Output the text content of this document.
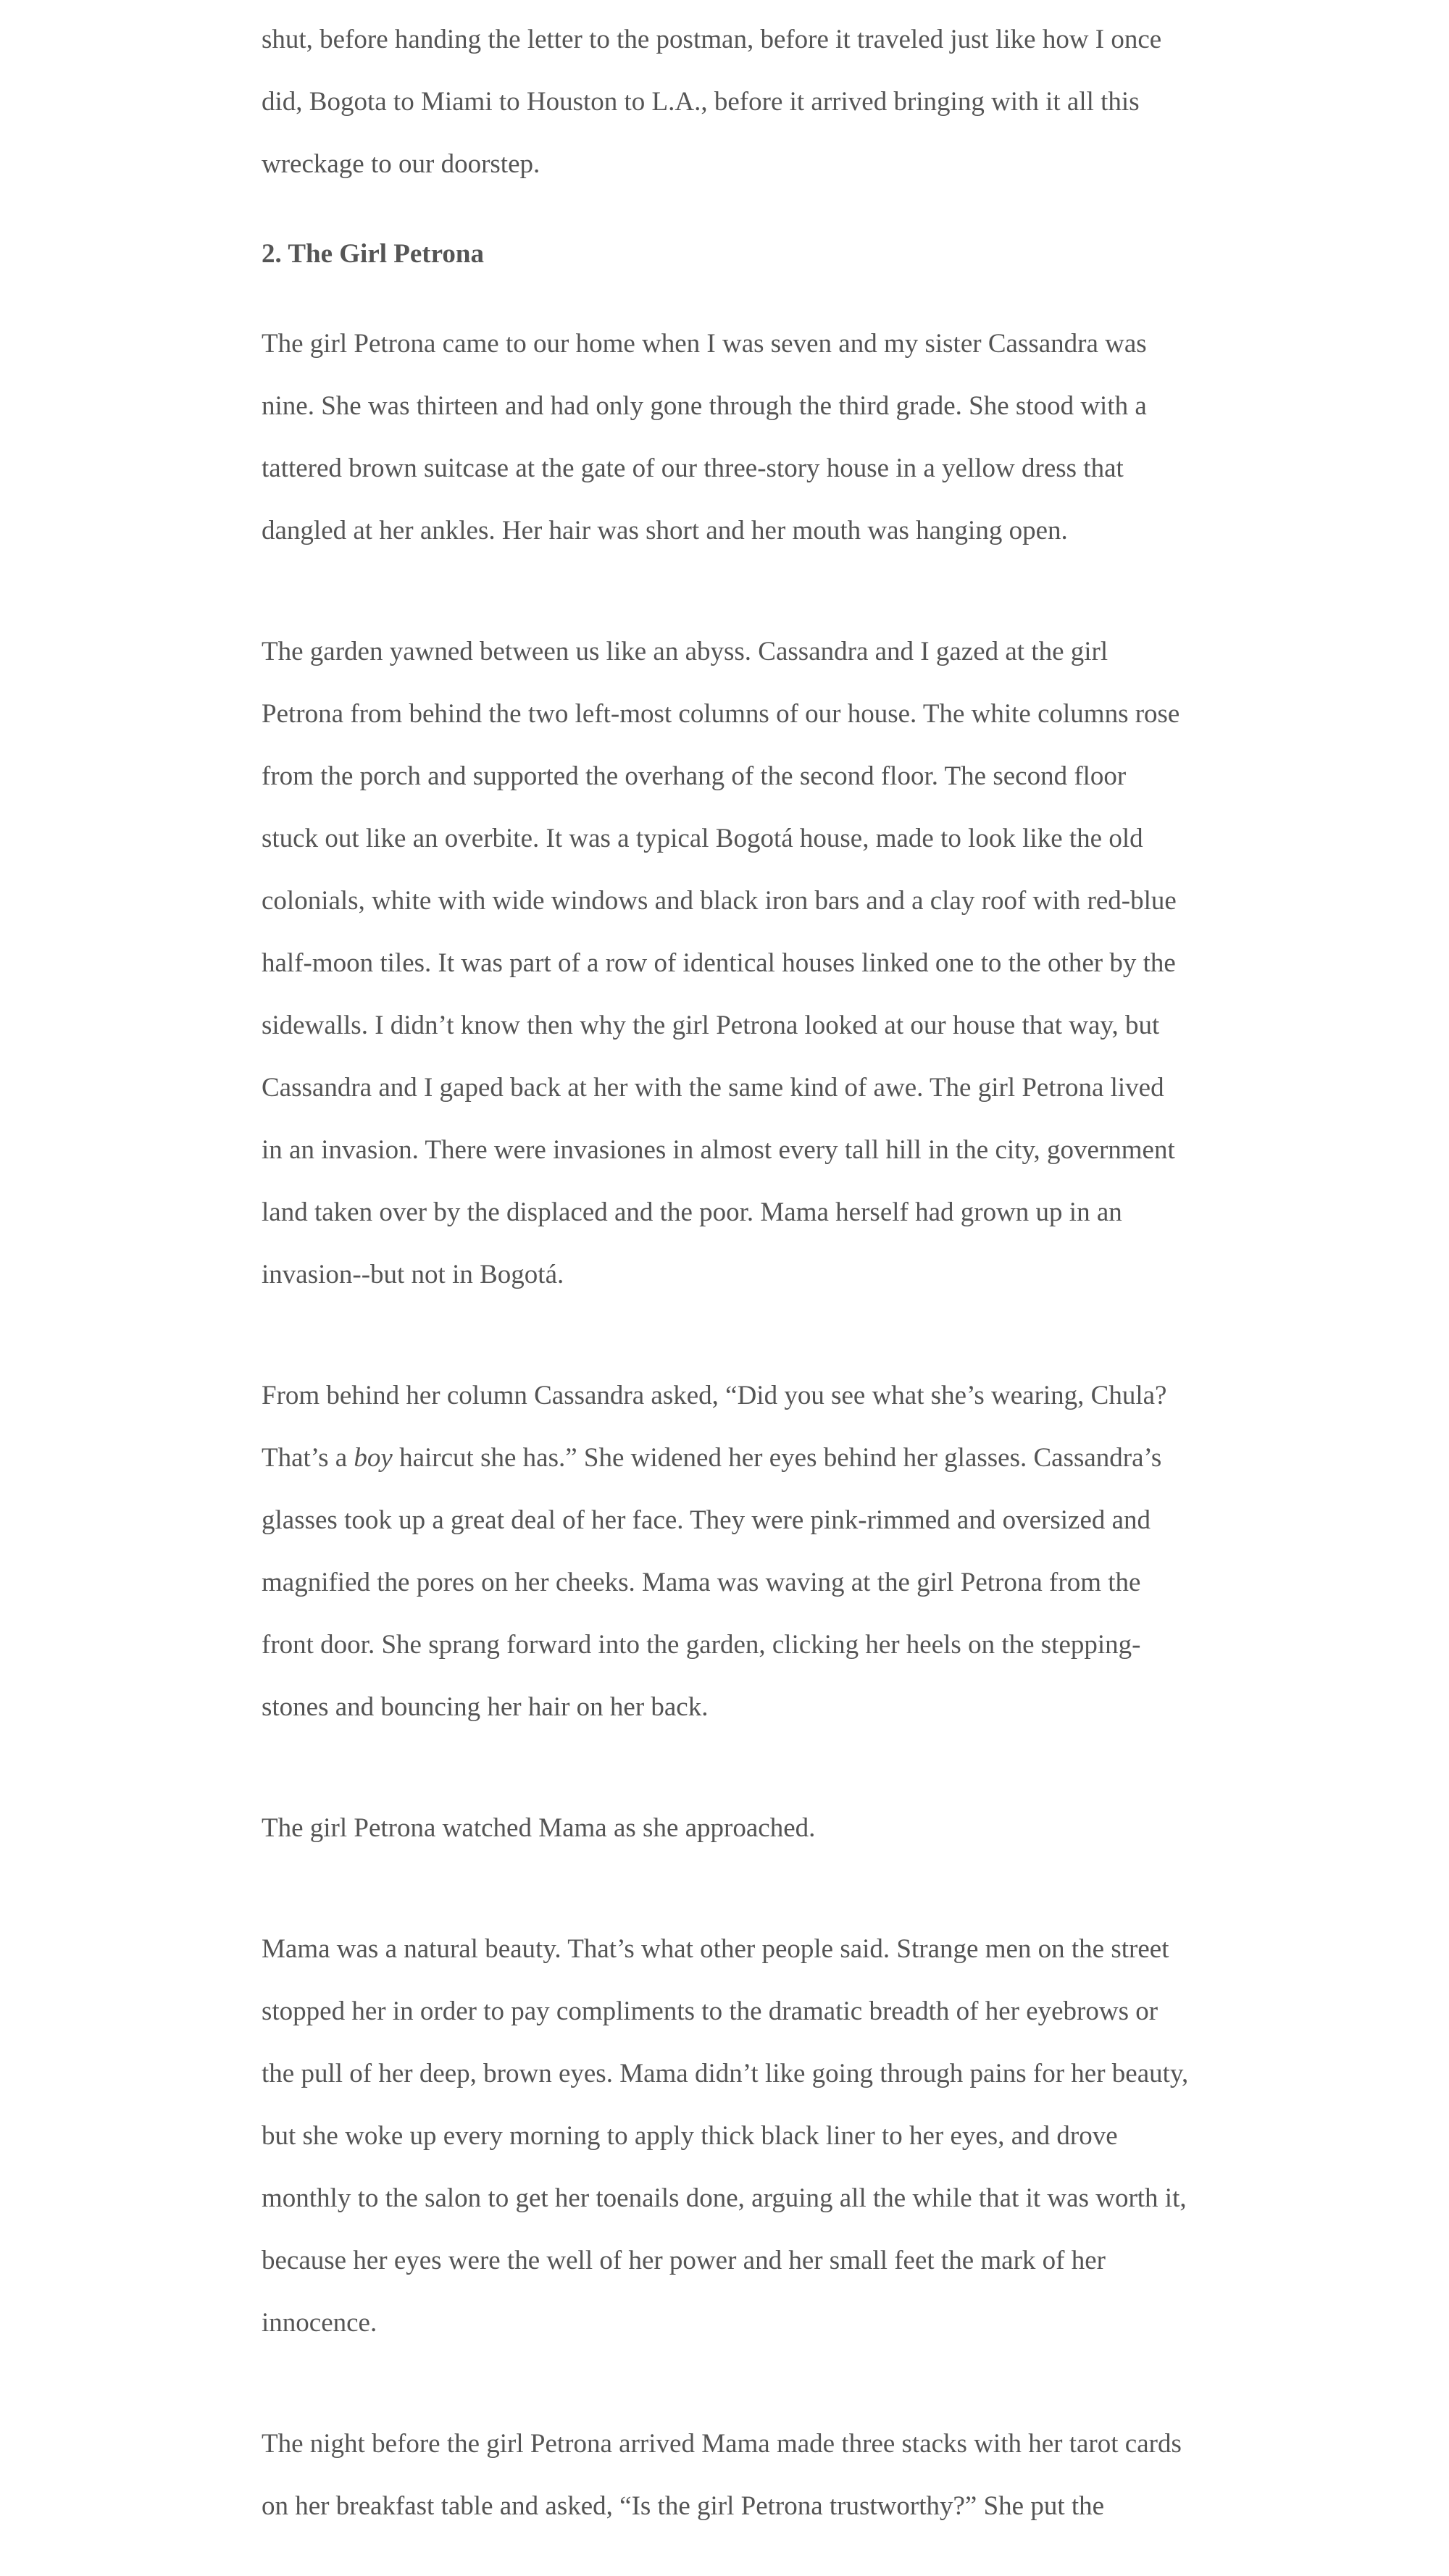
shut, before handing the letter to the postman, before it traveled just like how I once

did, Bogota to Miami to Houston to L.A., before it arrived bringing with it all this

wreckage to our doorstep.

2. The Girl Petrona

The girl Petrona came to our home when I was seven and my sister Cassandra was

nine. She was thirteen and had only gone through the third grade. She stood with a

tattered brown suitcase at the gate of our three-story house in a yellow dress that

dangled at her ankles. Her hair was short and her mouth was hanging open.

The garden yawned between us like an abyss. Cassandra and I gazed at the girl

Petrona from behind the two left-most columns of our house. The white columns rose

from the porch and supported the overhang of the second floor. The second floor

stuck out like an overbite. It was a typical Bogotá house, made to look like the old

colonials, white with wide windows and black iron bars and a clay roof with red-blue

half-moon tiles. It was part of a row of identical houses linked one to the other by the

sidewalls. I didn’t know then why the girl Petrona looked at our house that way, but

Cassandra and I gaped back at her with the same kind of awe. The girl Petrona lived

in an invasion. There were invasiones in almost every tall hill in the city, government

land taken over by the displaced and the poor. Mama herself had grown up in an

invasion--but not in Bogotá.

From behind her column Cassandra asked, “Did you see what she’s wearing, Chula?

That’s a boy haircut she has.” She widened her eyes behind her glasses. Cassandra’s

glasses took up a great deal of her face. They were pink-rimmed and oversized and

magnified the pores on her cheeks. Mama was waving at the girl Petrona from the

front door. She sprang forward into the garden, clicking her heels on the stepping-

stones and bouncing her hair on her back.

The girl Petrona watched Mama as she approached.

Mama was a natural beauty. That’s what other people said. Strange men on the street

stopped her in order to pay compliments to the dramatic breadth of her eyebrows or

the pull of her deep, brown eyes. Mama didn’t like going through pains for her beauty,

but she woke up every morning to apply thick black liner to her eyes, and drove

monthly to the salon to get her toenails done, arguing all the while that it was worth it,

because her eyes were the well of her power and her small feet the mark of her

innocence.

The night before the girl Petrona arrived Mama made three stacks with her tarot cards

on her breakfast table and asked, “Is the girl Petrona trustworthy?” She put the
